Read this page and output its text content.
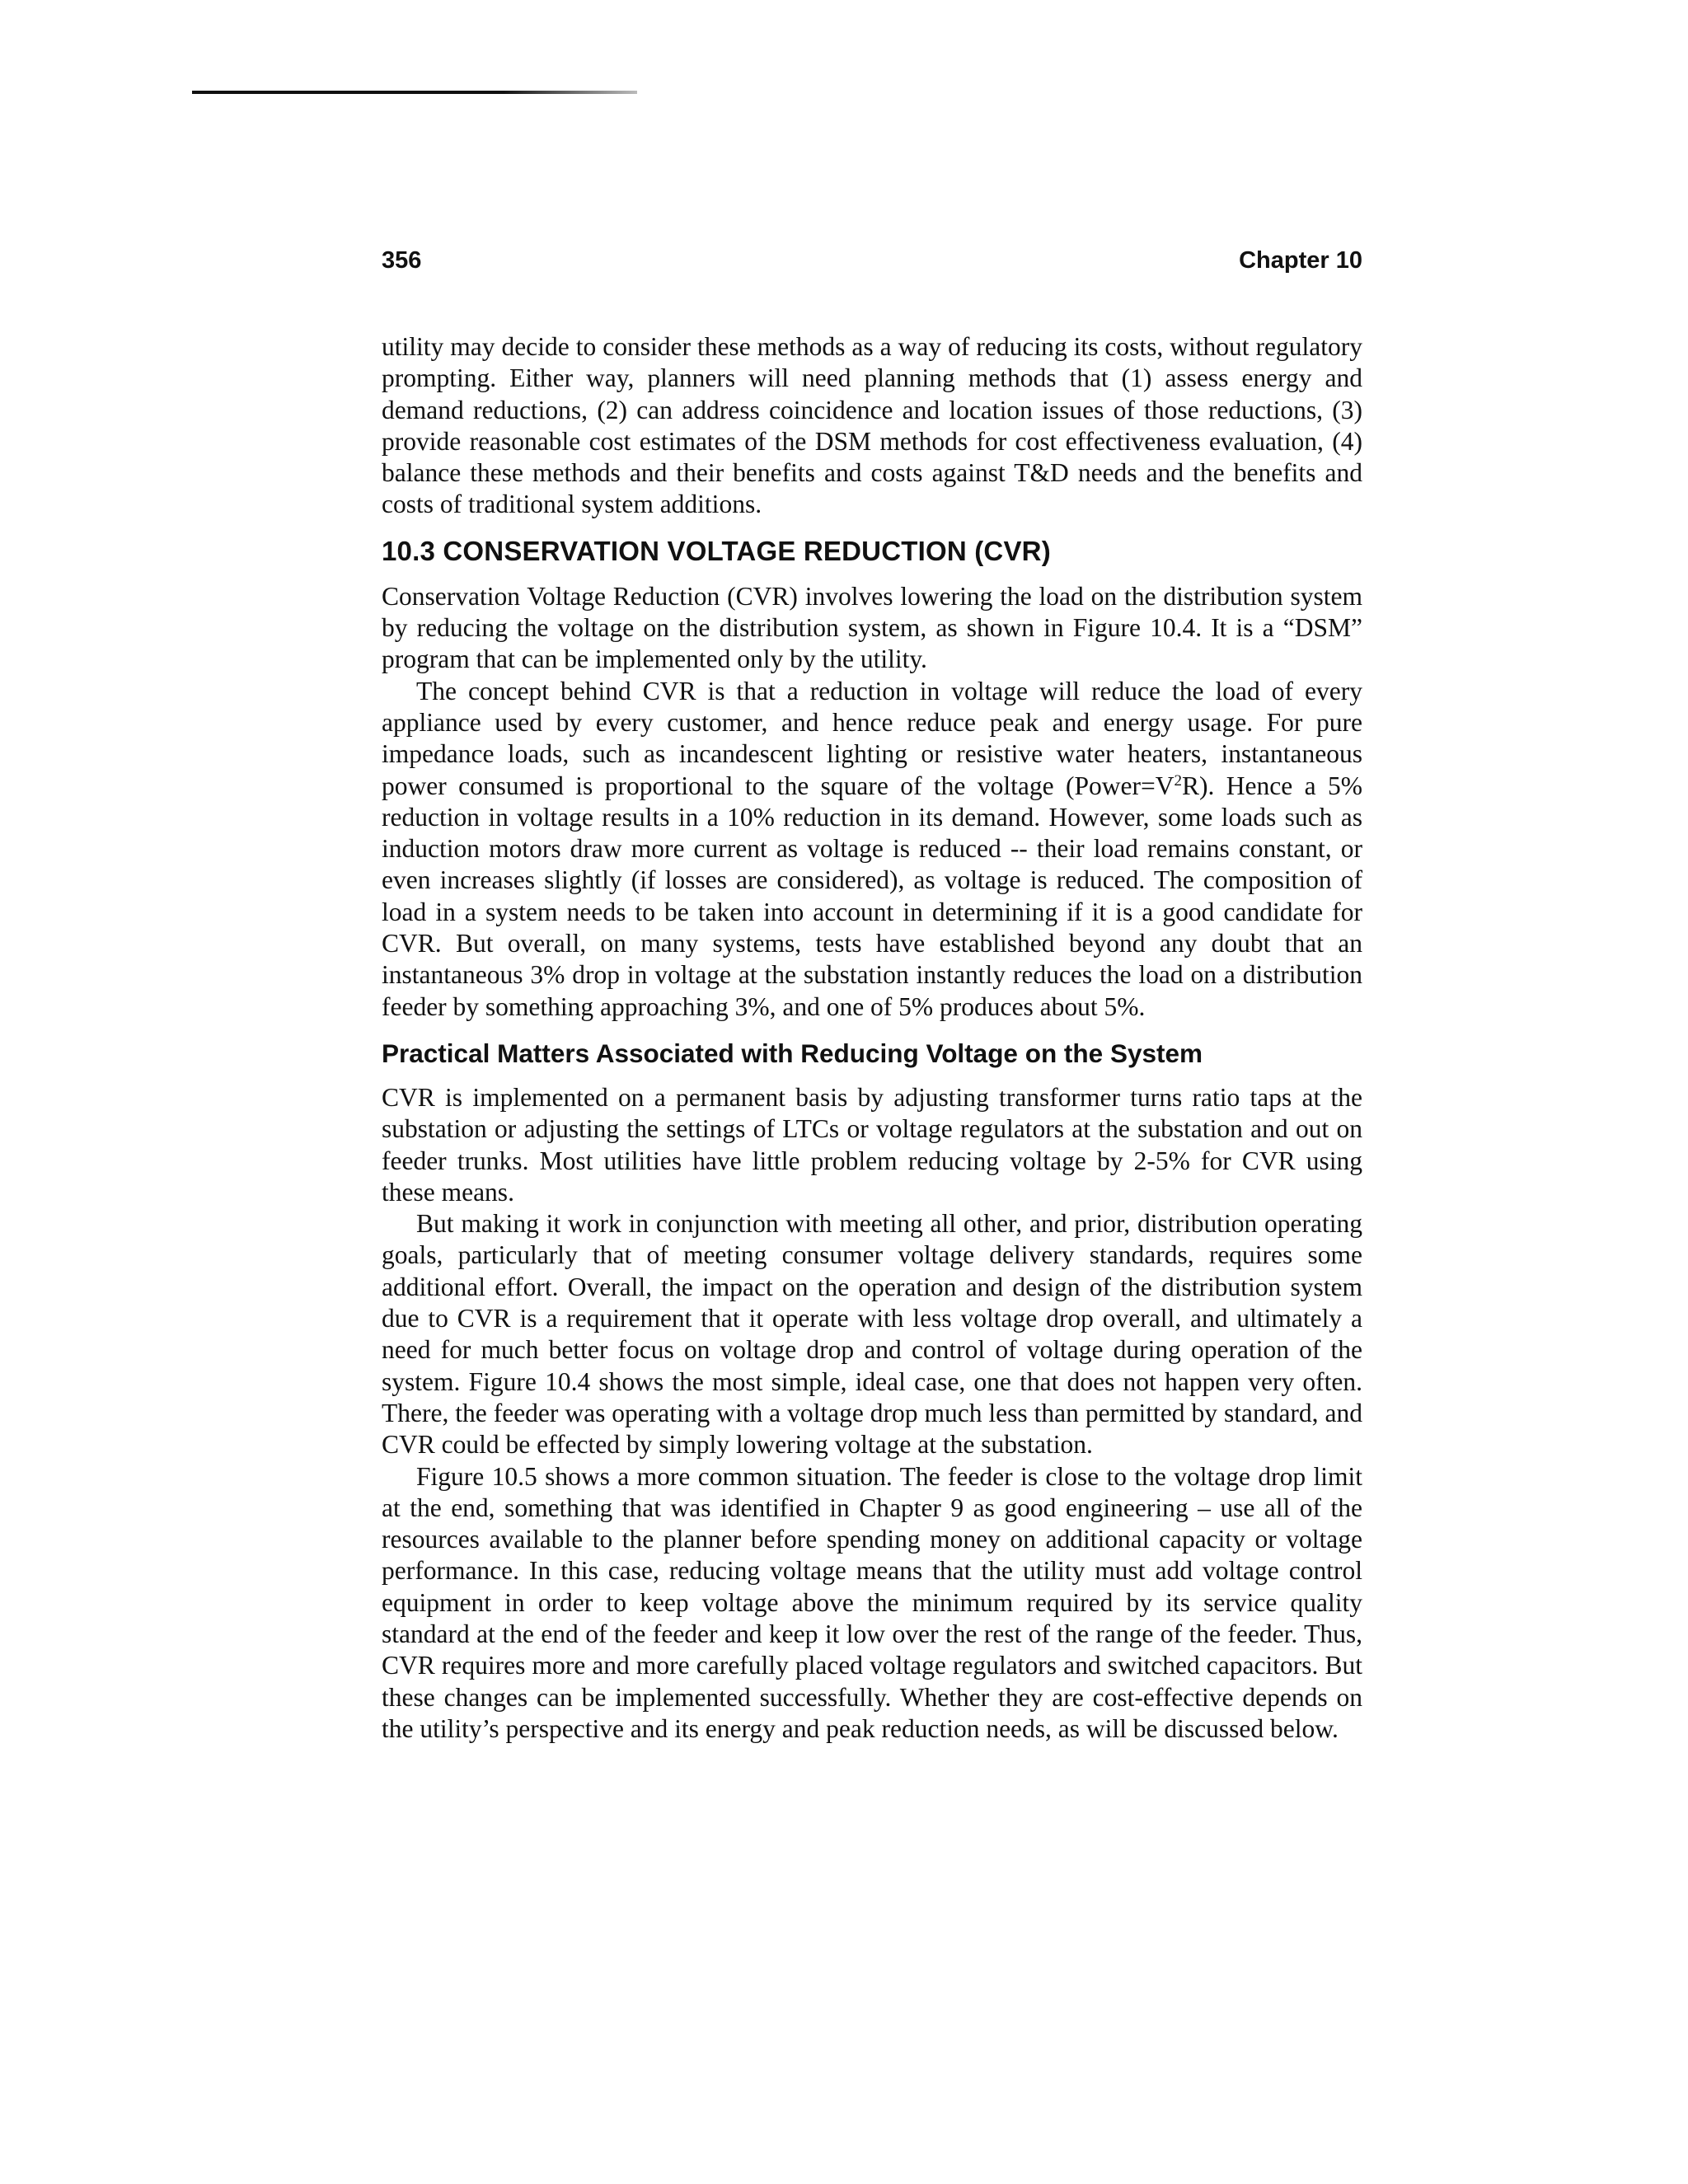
356	Chapter 10

utility may decide to consider these methods as a way of reducing its costs, without regulatory prompting. Either way, planners will need planning methods that (1) assess energy and demand reductions, (2) can address coincidence and location issues of those reductions, (3) provide reasonable cost estimates of the DSM methods for cost effectiveness evaluation, (4) balance these methods and their benefits and costs against T&D needs and the benefits and costs of traditional system additions.

10.3 CONSERVATION VOLTAGE REDUCTION (CVR)

Conservation Voltage Reduction (CVR) involves lowering the load on the distribution system by reducing the voltage on the distribution system, as shown in Figure 10.4. It is a “DSM” program that can be implemented only by the utility.

The concept behind CVR is that a reduction in voltage will reduce the load of every appliance used by every customer, and hence reduce peak and energy usage. For pure impedance loads, such as incandescent lighting or resistive water heaters, instantaneous power consumed is proportional to the square of the voltage $(Power=V^2R)$. Hence a 5% reduction in voltage results in a 10% reduction in its demand. However, some loads such as induction motors draw more current as voltage is reduced -- their load remains constant, or even increases slightly (if losses are considered), as voltage is reduced. The composition of load in a system needs to be taken into account in determining if it is a good candidate for CVR. But overall, on many systems, tests have established beyond any doubt that an instantaneous 3% drop in voltage at the substation instantly reduces the load on a distribution feeder by something approaching 3%, and one of 5% produces about 5%.

Practical Matters Associated with Reducing Voltage on the System

CVR is implemented on a permanent basis by adjusting transformer turns ratio taps at the substation or adjusting the settings of LTCs or voltage regulators at the substation and out on feeder trunks. Most utilities have little problem reducing voltage by 2-5% for CVR using these means.

But making it work in conjunction with meeting all other, and prior, distribution operating goals, particularly that of meeting consumer voltage delivery standards, requires some additional effort. Overall, the impact on the operation and design of the distribution system due to CVR is a requirement that it operate with less voltage drop overall, and ultimately a need for much better focus on voltage drop and control of voltage during operation of the system. Figure 10.4 shows the most simple, ideal case, one that does not happen very often. There, the feeder was operating with a voltage drop much less than permitted by standard, and CVR could be effected by simply lowering voltage at the substation.

Figure 10.5 shows a more common situation. The feeder is close to the voltage drop limit at the end, something that was identified in Chapter 9 as good engineering – use all of the resources available to the planner before spending money on additional capacity or voltage performance. In this case, reducing voltage means that the utility must add voltage control equipment in order to keep voltage above the minimum required by its service quality standard at the end of the feeder and keep it low over the rest of the range of the feeder. Thus, CVR requires more and more carefully placed voltage regulators and switched capacitors. But these changes can be implemented successfully. Whether they are cost-effective depends on the utility’s perspective and its energy and peak reduction needs, as will be discussed below.
